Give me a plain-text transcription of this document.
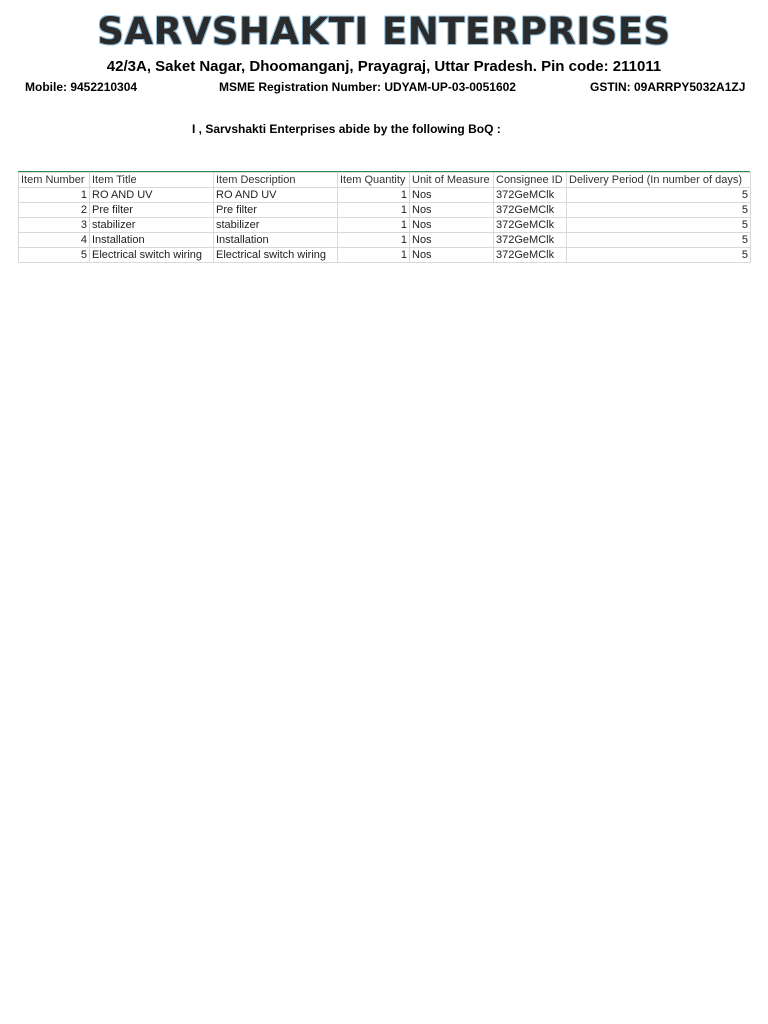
SARVSHAKTI ENTERPRISES
42/3A, Saket Nagar, Dhoomanganj, Prayagraj, Uttar Pradesh. Pin code: 211011
Mobile: 9452210304	MSME Registration Number: UDYAM-UP-03-0051602	GSTIN: 09ARRPY5032A1ZJ
I , Sarvshakti Enterprises abide by the following BoQ :
Item Number	Item Title	Item Description	Item Quantity	Unit of Measure	Consignee ID	Delivery Period (In number of days)
1	RO AND UV	RO AND UV	1	Nos	372GeMClk	5
2	Pre filter	Pre filter	1	Nos	372GeMClk	5
3	stabilizer	stabilizer	1	Nos	372GeMClk	5
4	Installation	Installation	1	Nos	372GeMClk	5
5	Electrical switch wiring	Electrical switch wiring	1	Nos	372GeMClk	5
